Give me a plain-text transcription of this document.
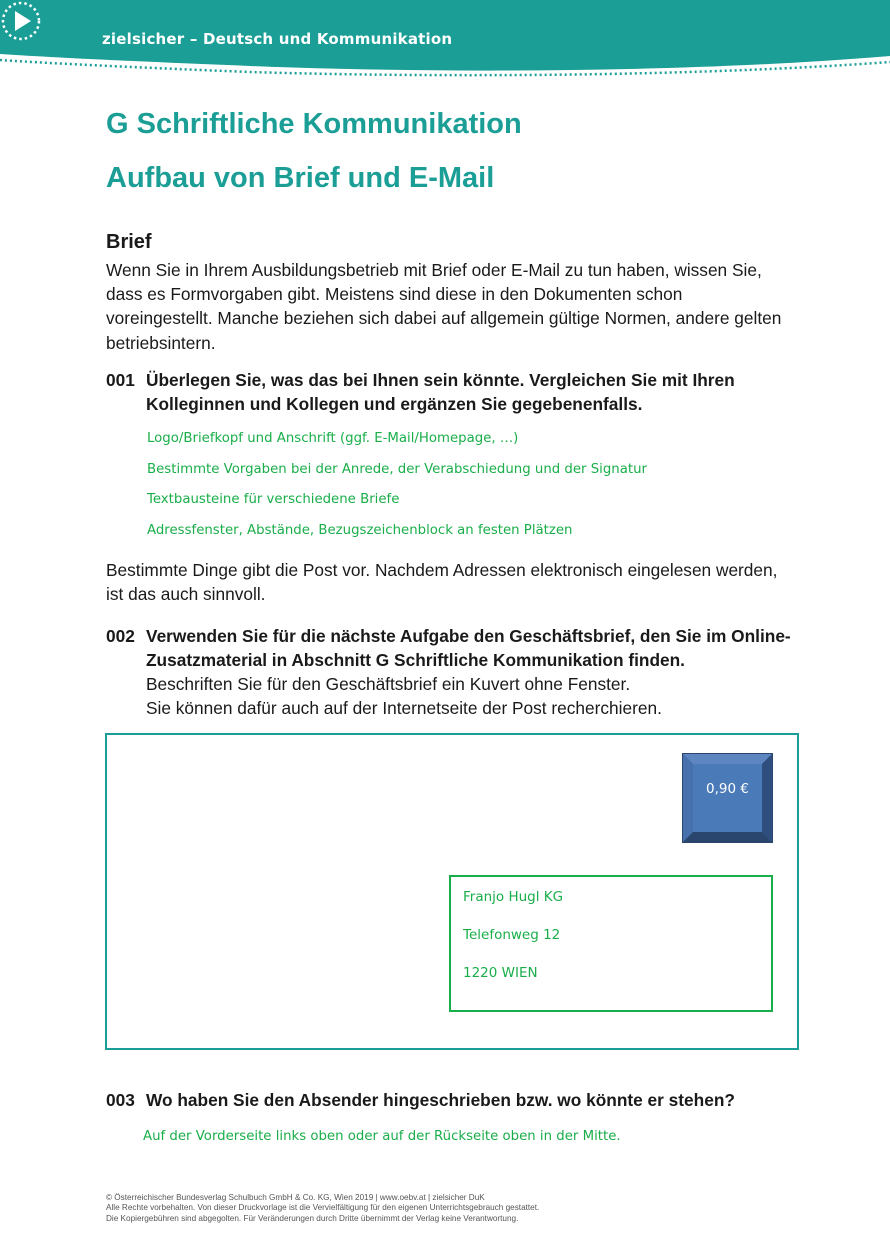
zielsicher – Deutsch und Kommunikation
G Schriftliche Kommunikation
Aufbau von Brief und E-Mail
Brief

Wenn Sie in Ihrem Ausbildungsbetrieb mit Brief oder E-Mail zu tun haben, wissen Sie, dass es Formvorgaben gibt. Meistens sind diese in den Dokumenten schon voreingestellt. Manche beziehen sich dabei auf allgemein gültige Normen, andere gelten betriebsintern.

001 Überlegen Sie, was das bei Ihnen sein könnte. Vergleichen Sie mit Ihren Kolleginnen und Kollegen und ergänzen Sie gegebenenfalls.
Logo/Briefkopf und Anschrift (ggf. E-Mail/Homepage, …)
Bestimmte Vorgaben bei der Anrede, der Verabschiedung und der Signatur
Textbausteine für verschiedene Briefe
Adressfenster, Abstände, Bezugszeichenblock an festen Plätzen

Bestimmte Dinge gibt die Post vor. Nachdem Adressen elektronisch eingelesen werden, ist das auch sinnvoll.

002 Verwenden Sie für die nächste Aufgabe den Geschäftsbrief, den Sie im Online-Zusatzmaterial in Abschnitt G Schriftliche Kommunikation finden.
Beschriften Sie für den Geschäftsbrief ein Kuvert ohne Fenster.
Sie können dafür auch auf der Internetseite der Post recherchieren.
0,90 €
Franjo Hugl KG
Telefonweg 12
1220 WIEN
003 Wo haben Sie den Absender hingeschrieben bzw. wo könnte er stehen?
Auf der Vorderseite links oben oder auf der Rückseite oben in der Mitte.
© Österreichischer Bundesverlag Schulbuch GmbH & Co. KG, Wien 2019 | www.oebv.at | zielsicher DuK
Alle Rechte vorbehalten. Von dieser Druckvorlage ist die Vervielfältigung für den eigenen Unterrichtsgebrauch gestattet.
Die Kopiergebühren sind abgegolten. Für Veränderungen durch Dritte übernimmt der Verlag keine Verantwortung.
